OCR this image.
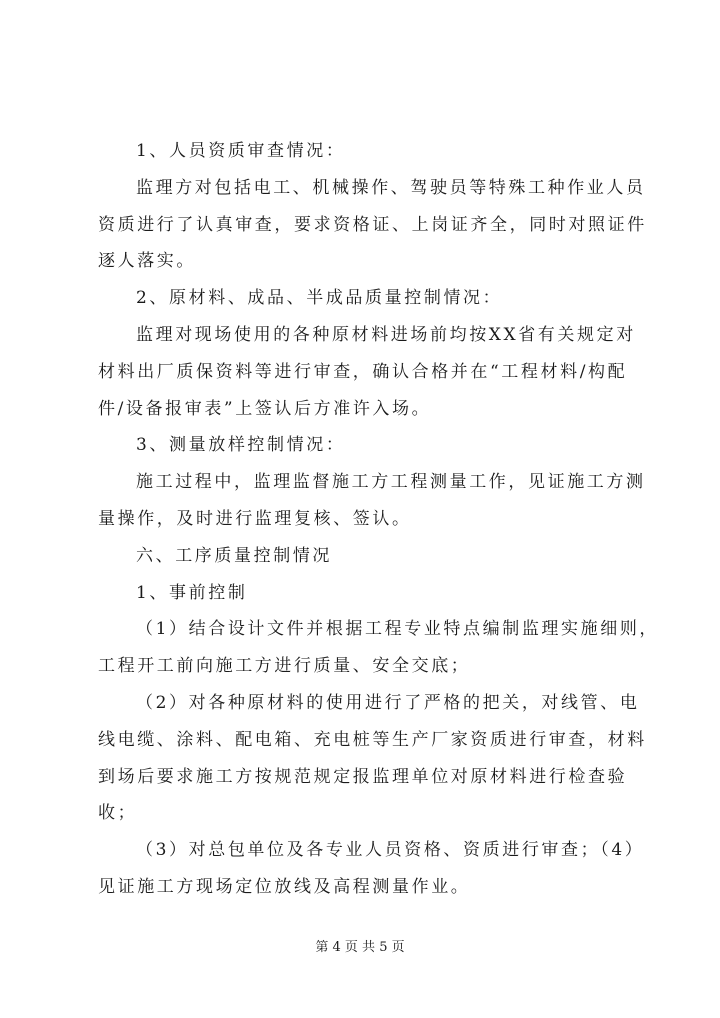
1、人员资质审查情况：
监理方对包括电工、机械操作、驾驶员等特殊工种作业人员
资质进行了认真审查，要求资格证、上岗证齐全，同时对照证件
逐人落实。
2、原材料、成品、半成品质量控制情况：
监理对现场使用的各种原材料进场前均按XX省有关规定对
材料出厂质保资料等进行审查，确认合格并在“工程材料/构配
件/设备报审表”上签认后方准许入场。
3、测量放样控制情况：
施工过程中，监理监督施工方工程测量工作，见证施工方测
量操作，及时进行监理复核、签认。
六、工序质量控制情况
1、事前控制
（1）结合设计文件并根据工程专业特点编制监理实施细则，
工程开工前向施工方进行质量、安全交底；
（2）对各种原材料的使用进行了严格的把关，对线管、电
线电缆、涂料、配电箱、充电桩等生产厂家资质进行审查，材料
到场后要求施工方按规范规定报监理单位对原材料进行检查验
收；
（3）对总包单位及各专业人员资格、资质进行审查；（4）
见证施工方现场定位放线及高程测量作业。
第 4 页 共 5 页
